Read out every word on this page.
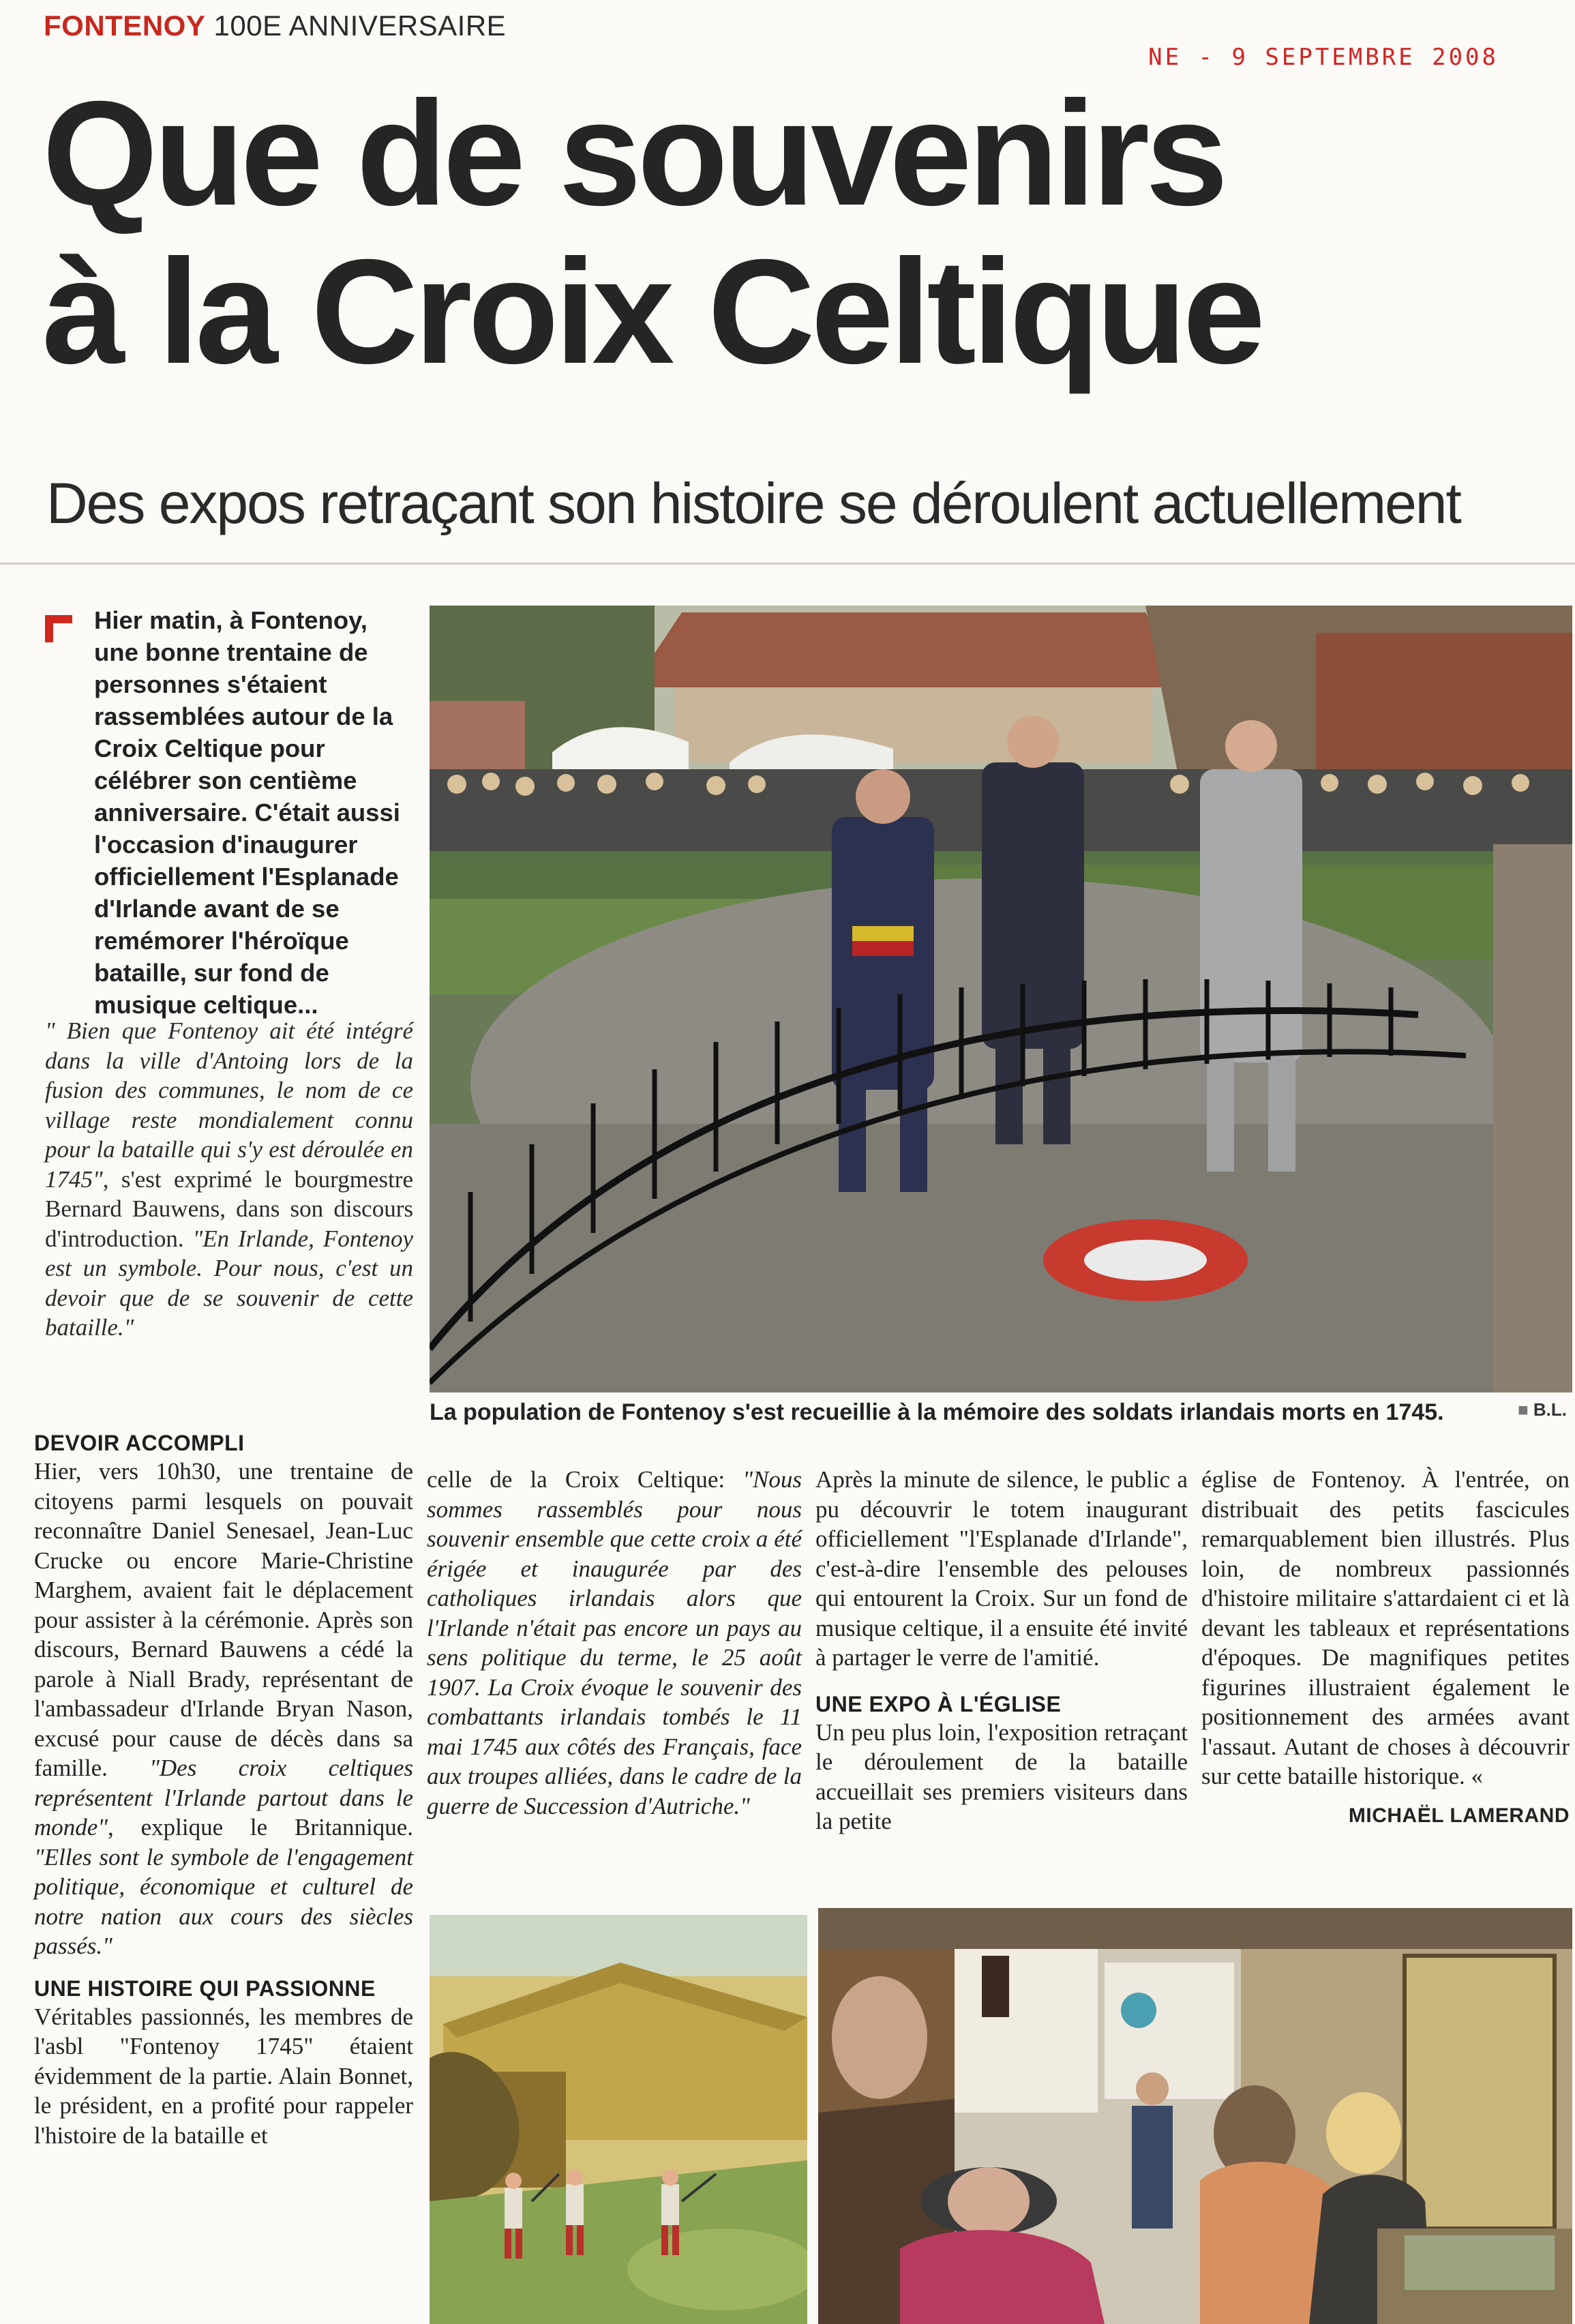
FONTENOY 100E ANNIVERSAIRE
NE - 9 SEPTEMBRE 2008
Que de souvenirs
à la Croix Celtique
Des expos retraçant son histoire se déroulent actuellement
Hier matin, à Fontenoy, une bonne trentaine de personnes s'étaient rassemblées autour de la Croix Celtique pour célébrer son centième anniversaire. C'était aussi l'occasion d'inaugurer officiellement l'Esplanade d'Irlande avant de se remémorer l'héroïque bataille, sur fond de musique celtique...
" Bien que Fontenoy ait été intégré dans la ville d'Antoing lors de la fusion des communes, le nom de ce village reste mondialement connu pour la bataille qui s'y est déroulée en 1745", s'est exprimé le bourgmestre Bernard Bauwens, dans son discours d'introduction. "En Irlande, Fontenoy est un symbole. Pour nous, c'est un devoir que de se souvenir de cette bataille."
La population de Fontenoy s'est recueillie à la mémoire des soldats irlandais morts en 1745.
■	B.L.

DEVOIR ACCOMPLI

Hier, vers 10h30, une trentaine de citoyens parmi lesquels on pouvait reconnaître Daniel Senesael, Jean-Luc Crucke ou encore Marie-Christine Marghem, avaient fait le déplacement pour assister à la cérémonie. Après son discours, Bernard Bauwens a cédé la parole à Niall Brady, représentant de l'ambassadeur d'Irlande Bryan Nason, excusé pour cause de décès dans sa famille. "Des croix celtiques représentent l'Irlande partout dans le monde", explique le Britannique. "Elles sont le symbole de l'engagement politique, économique et culturel de notre nation aux cours des siècles passés."

UNE HISTOIRE QUI PASSIONNE

Véritables passionnés, les membres de l'asbl "Fontenoy 1745" étaient évidemment de la partie. Alain Bonnet, le président, en a profité pour rappeler l'histoire de la bataille et

celle de la Croix Celtique: "Nous sommes rassemblés pour nous souvenir ensemble que cette croix a été érigée et inaugurée par des catholiques irlandais alors que l'Irlande n'était pas encore un pays au sens politique du terme, le 25 août 1907. La Croix évoque le souvenir des combattants irlandais tombés le 11 mai 1745 aux côtés des Français, face aux troupes alliées, dans le cadre de la guerre de Succession d'Autriche."

Après la minute de silence, le public a pu découvrir le totem inaugurant officiellement "l'Esplanade d'Irlande", c'est-à-dire l'ensemble des pelouses qui entourent la Croix. Sur un fond de musique celtique, il a ensuite été invité à partager le verre de l'amitié.

UNE EXPO À L'ÉGLISE

Un peu plus loin, l'exposition retraçant le déroulement de la bataille accueillait ses premiers visiteurs dans la petite

église de Fontenoy. À l'entrée, on distribuait des petits fascicules remarquablement bien illustrés. Plus loin, de nombreux passionnés d'histoire militaire s'attardaient ci et là devant les tableaux et représentations d'époques. De magnifiques petites figurines illustraient également le positionnement des armées avant l'assaut. Autant de choses à découvrir sur cette bataille historique. «

MICHAËL LAMERAND
